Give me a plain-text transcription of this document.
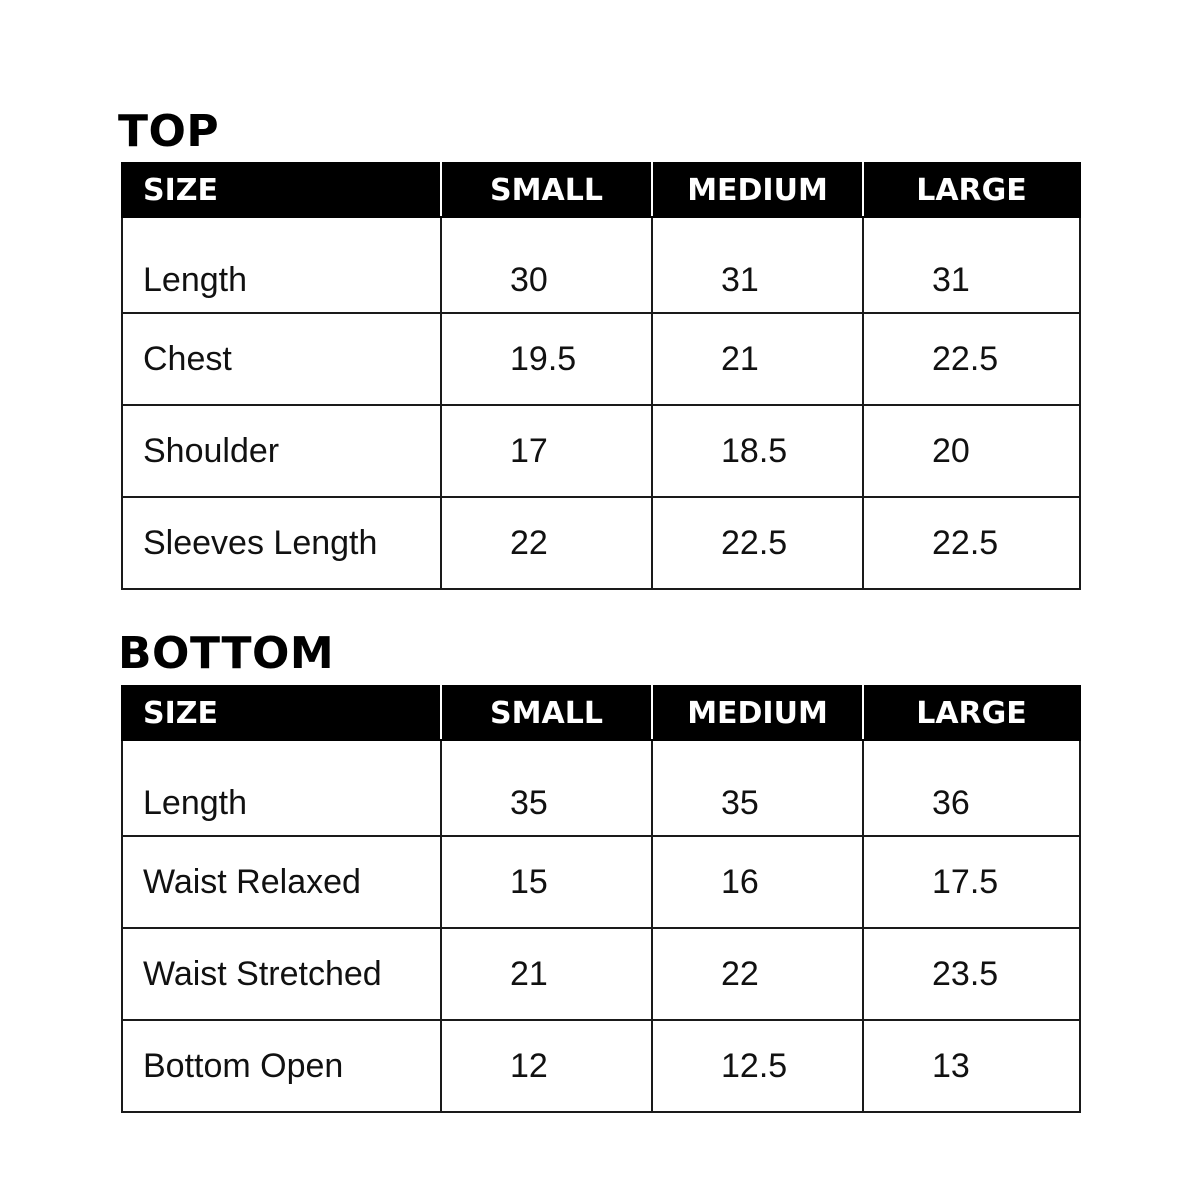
TOP
SIZE	SMALL	MEDIUM	LARGE
Length	30	31	31
Chest	19.5	21	22.5
Shoulder	17	18.5	20
Sleeves Length	22	22.5	22.5
BOTTOM
SIZE	SMALL	MEDIUM	LARGE
Length	35	35	36
Waist Relaxed	15	16	17.5
Waist Stretched	21	22	23.5
Bottom Open	12	12.5	13
